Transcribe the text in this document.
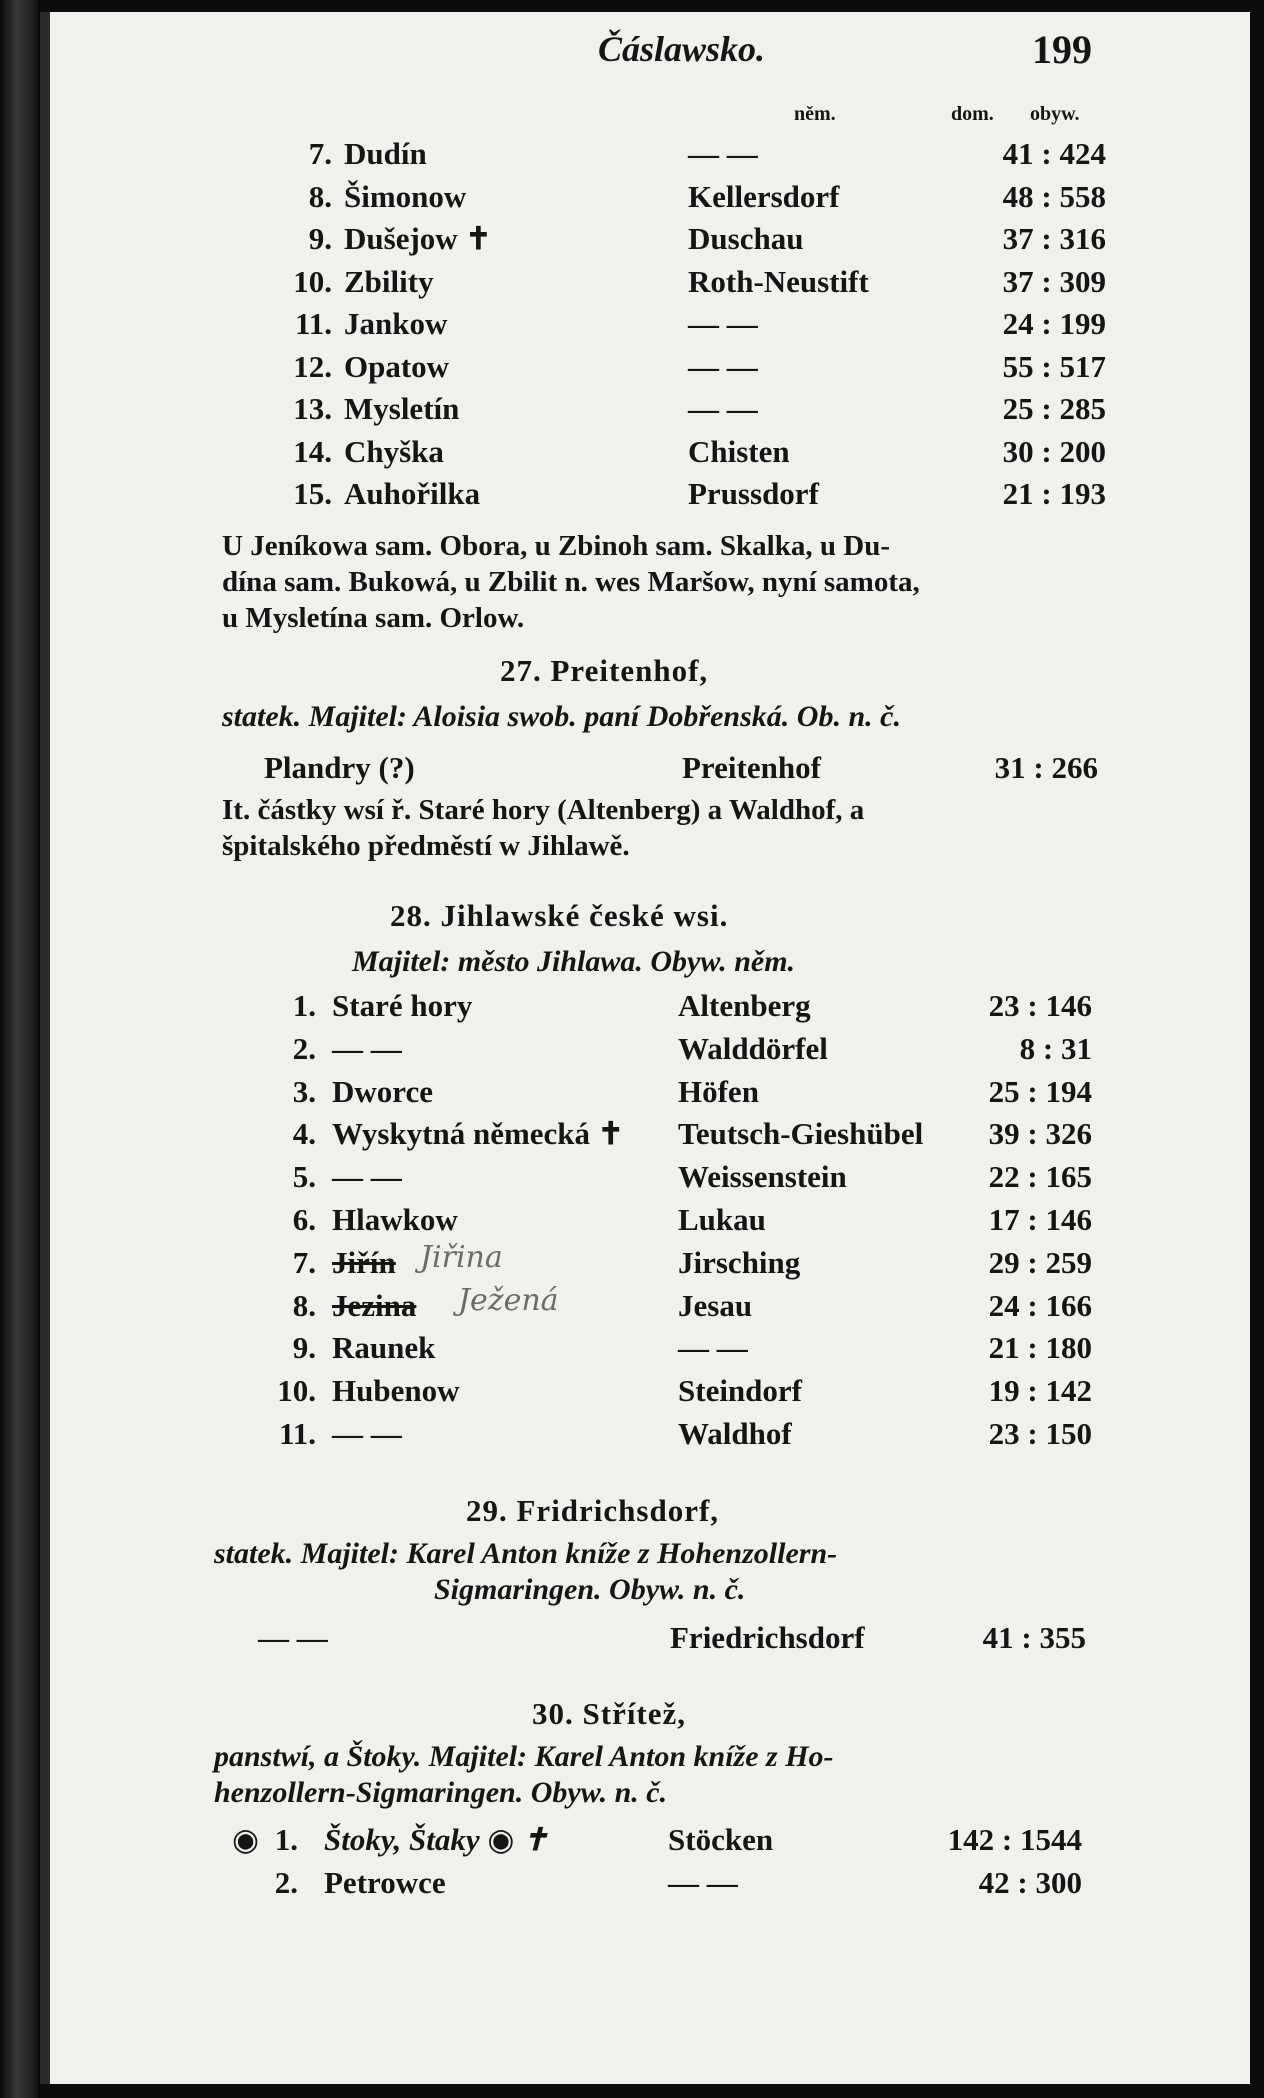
Čáslawsko.	199
něm.	dom. obyw.
U Jeníkowa sam. Obora, u Zbinoh sam. Skalka, u Du-
dína sam. Bukowá, u Zbilit n. wes Maršow, nyní samota,
u Mysletína sam. Orlow.
27. Preitenhof,
statek. Majitel: Aloisia swob. paní Dobřenská. Ob. n. č.
Plandry (?)	Preitenhof	31 : 266
It. částky wsí ř. Staré hory (Altenberg) a Waldhof, a
špitalského předměstí w Jihlawě.
28. Jihlawské české wsi.
Majitel: město Jihlawa. Obyw. něm.
Jiřina
Ježená
29. Fridrichsdorf,
statek. Majitel: Karel Anton kníže z Hohenzollern-
Sigmaringen. Obyw. n. č.
— —	Friedrichsdorf	41 : 355
30. Střítež,
panstwí, a Štoky. Majitel: Karel Anton kníže z Ho-
henzollern-Sigmaringen. Obyw. n. č.
7. Dudín	— —	41 : 424
8. Šimonow	Kellersdorf	48 : 558
9. Dušejow ✝	Duschau	37 : 316
10. Zbility	Roth-Neustift	37 : 309
11. Jankow	— —	24 : 199
12. Opatow	— —	55 : 517
13. Mysletín	— —	25 : 285
14. Chyška	Chisten	30 : 200
15. Auhořilka	Prussdorf	21 : 193
1. Staré hory	Altenberg	23 : 146
2. — —	Walddörfel	8 : 31
3. Dworce	Höfen	25 : 194
4. Wyskytná německá ✝ Teutsch-Gieshübel	39 : 326
5. — —	Weissenstein	22 : 165
6. Hlawkow	Lukau	17 : 146
7. Jiřín	Jirsching	29 : 259
8. Jezina	Jesau	24 : 166
9. Raunek	— —	21 : 180
10. Hubenow	Steindorf	19 : 142
11. — —	Waldhof	23 : 150
◉ 1. Štoky, Štaky ◉ ✝	Stöcken	142 : 1544
2. Petrowce	— —	42 : 300
